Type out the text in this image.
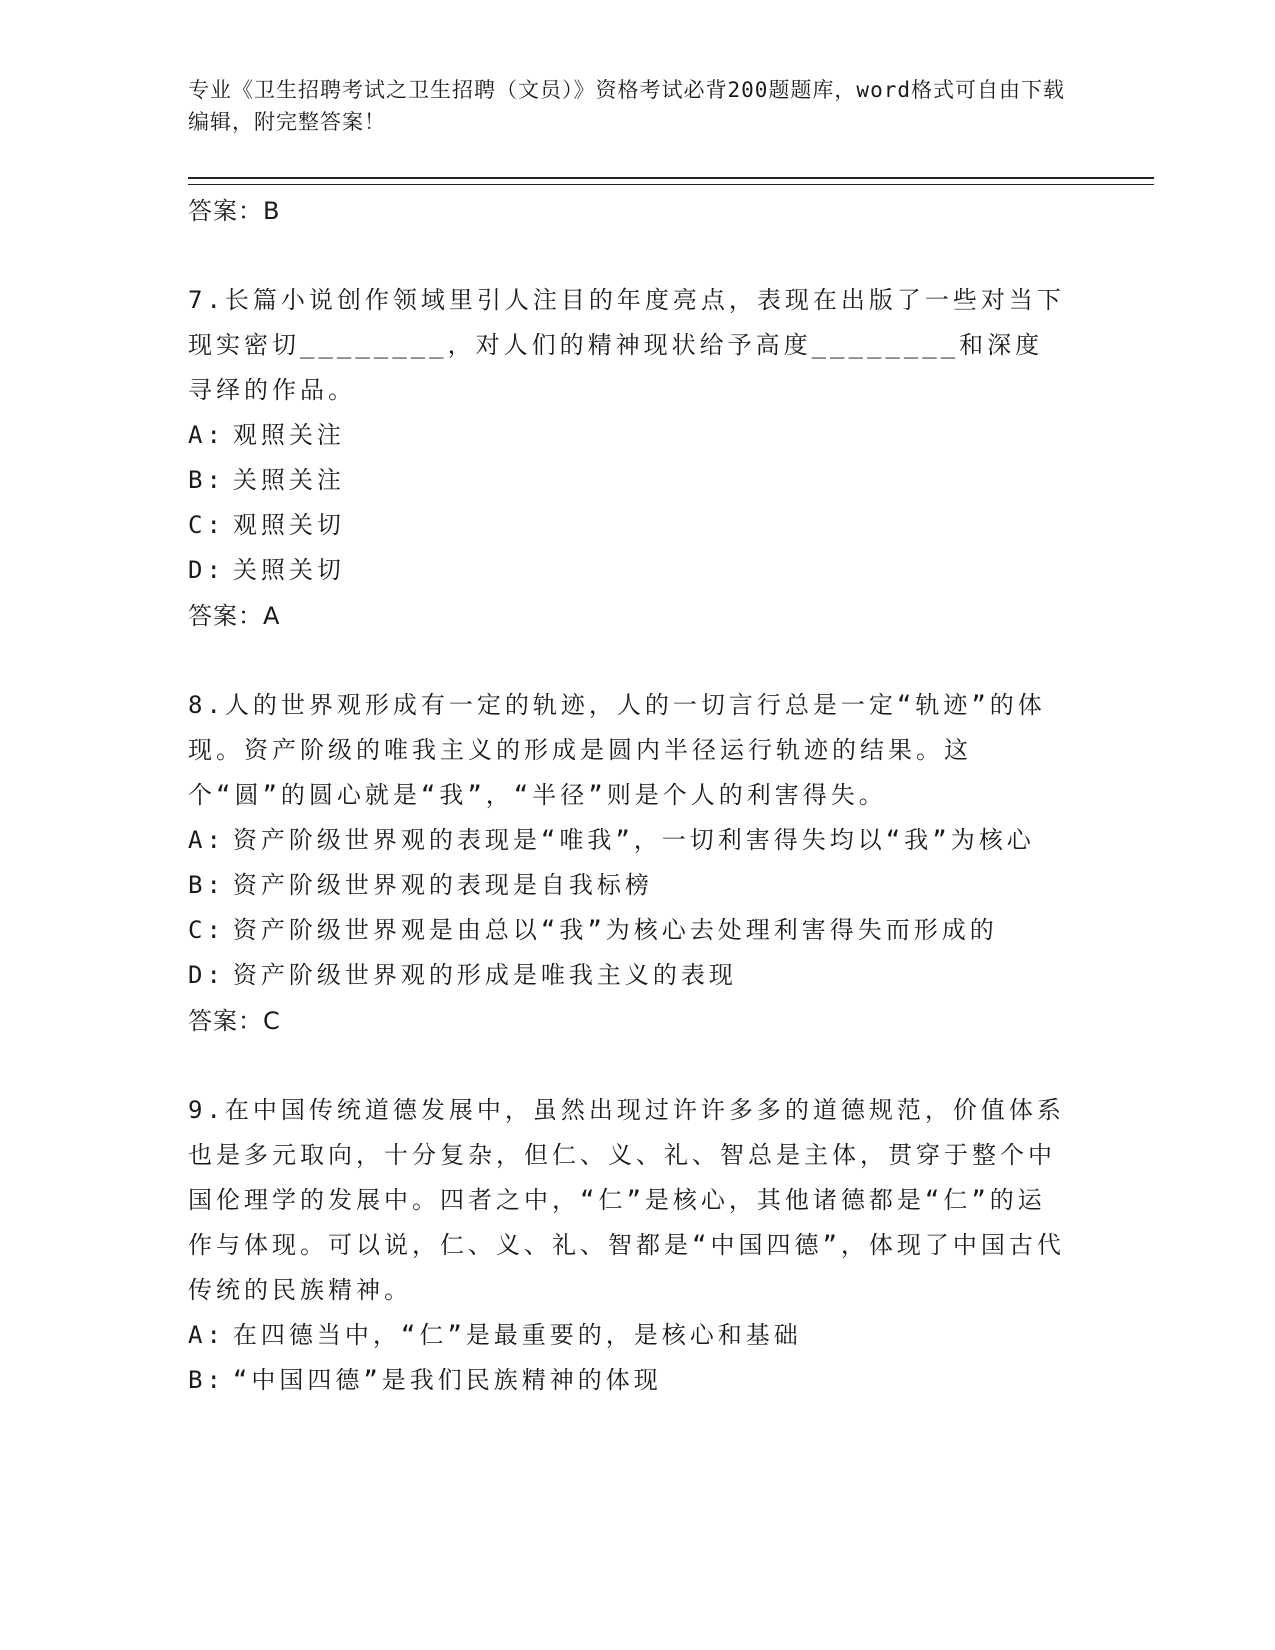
专业《卫生招聘考试之卫生招聘（文员）》资格考试必背200题题库，word格式可自由下载编辑，附完整答案！
答案：B

7.长篇小说创作领域里引人注目的年度亮点，表现在出版了一些对当下现实密切________，对人们的精神现状给予高度________和深度寻绎的作品。

A: 观照关注

B: 关照关注

C: 观照关切

D: 关照关切

答案：A

8.人的世界观形成有一定的轨迹，人的一切言行总是一定“轨迹”的体现。资产阶级的唯我主义的形成是圆内半径运行轨迹的结果。这个“圆”的圆心就是“我”，“半径”则是个人的利害得失。

A: 资产阶级世界观的表现是“唯我”，一切利害得失均以“我”为核心

B: 资产阶级世界观的表现是自我标榜

C: 资产阶级世界观是由总以“我”为核心去处理利害得失而形成的

D: 资产阶级世界观的形成是唯我主义的表现

答案：C

9.在中国传统道德发展中，虽然出现过许许多多的道德规范，价值体系也是多元取向，十分复杂，但仁、义、礼、智总是主体，贯穿于整个中国伦理学的发展中。四者之中，“仁”是核心，其他诸德都是“仁”的运作与体现。可以说，仁、义、礼、智都是“中国四德”，体现了中国古代传统的民族精神。

A: 在四德当中，“仁”是最重要的，是核心和基础

B: “中国四德”是我们民族精神的体现
